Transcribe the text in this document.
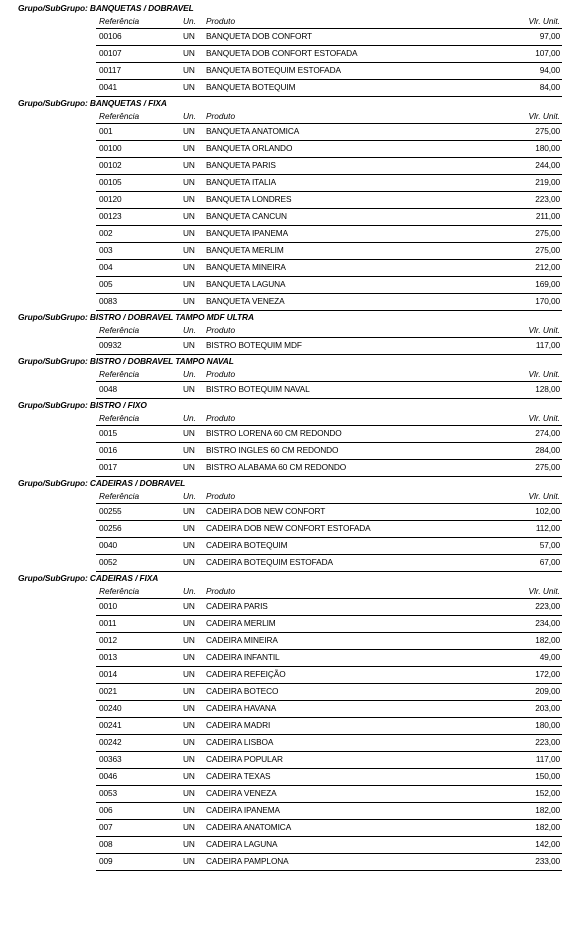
Grupo/SubGrupo: BANQUETAS / DOBRAVEL
Referência	Un. Produto	Vlr. Unit.
00106	UN BANQUETA DOB CONFORT	97,00
00107	UN BANQUETA DOB CONFORT ESTOFADA	107,00
00117	UN BANQUETA BOTEQUIM ESTOFADA	94,00
0041	UN BANQUETA BOTEQUIM	84,00
Grupo/SubGrupo: BANQUETAS / FIXA
Referência	Un. Produto	Vlr. Unit.
001	UN BANQUETA ANATOMICA	275,00
00100	UN BANQUETA ORLANDO	180,00
00102	UN BANQUETA PARIS	244,00
00105	UN BANQUETA ITALIA	219,00
00120	UN BANQUETA LONDRES	223,00
00123	UN BANQUETA CANCUN	211,00
002	UN BANQUETA IPANEMA	275,00
003	UN BANQUETA MERLIM	275,00
004	UN BANQUETA MINEIRA	212,00
005	UN BANQUETA LAGUNA	169,00
0083	UN BANQUETA VENEZA	170,00
Grupo/SubGrupo: BISTRO / DOBRAVEL TAMPO MDF ULTRA
Referência	Un. Produto	Vlr. Unit.
00932	UN BISTRO BOTEQUIM MDF	117,00
Grupo/SubGrupo: BISTRO / DOBRAVEL TAMPO NAVAL
Referência	Un. Produto	Vlr. Unit.
0048	UN BISTRO BOTEQUIM NAVAL	128,00
Grupo/SubGrupo: BISTRO / FIXO
Referência	Un. Produto	Vlr. Unit.
0015	UN BISTRO LORENA 60 CM REDONDO	274,00
0016	UN BISTRO INGLES 60 CM REDONDO	284,00
0017	UN BISTRO ALABAMA 60 CM REDONDO	275,00
Grupo/SubGrupo: CADEIRAS / DOBRAVEL
Referência	Un. Produto	Vlr. Unit.
00255	UN CADEIRA DOB NEW CONFORT	102,00
00256	UN CADEIRA DOB NEW CONFORT ESTOFADA	112,00
0040	UN CADEIRA BOTEQUIM	57,00
0052	UN CADEIRA BOTEQUIM ESTOFADA	67,00
Grupo/SubGrupo: CADEIRAS / FIXA
Referência	Un. Produto	Vlr. Unit.
0010	UN CADEIRA PARIS	223,00
0011	UN CADEIRA MERLIM	234,00
0012	UN CADEIRA MINEIRA	182,00
0013	UN CADEIRA INFANTIL	49,00
0014	UN CADEIRA REFEIÇÃO	172,00
0021	UN CADEIRA BOTECO	209,00
00240	UN CADEIRA HAVANA	203,00
00241	UN CADEIRA MADRI	180,00
00242	UN CADEIRA LISBOA	223,00
00363	UN CADEIRA POPULAR	117,00
0046	UN CADEIRA TEXAS	150,00
0053	UN CADEIRA VENEZA	152,00
006	UN CADEIRA IPANEMA	182,00
007	UN CADEIRA ANATOMICA	182,00
008	UN CADEIRA LAGUNA	142,00
009	UN CADEIRA PAMPLONA	233,00
